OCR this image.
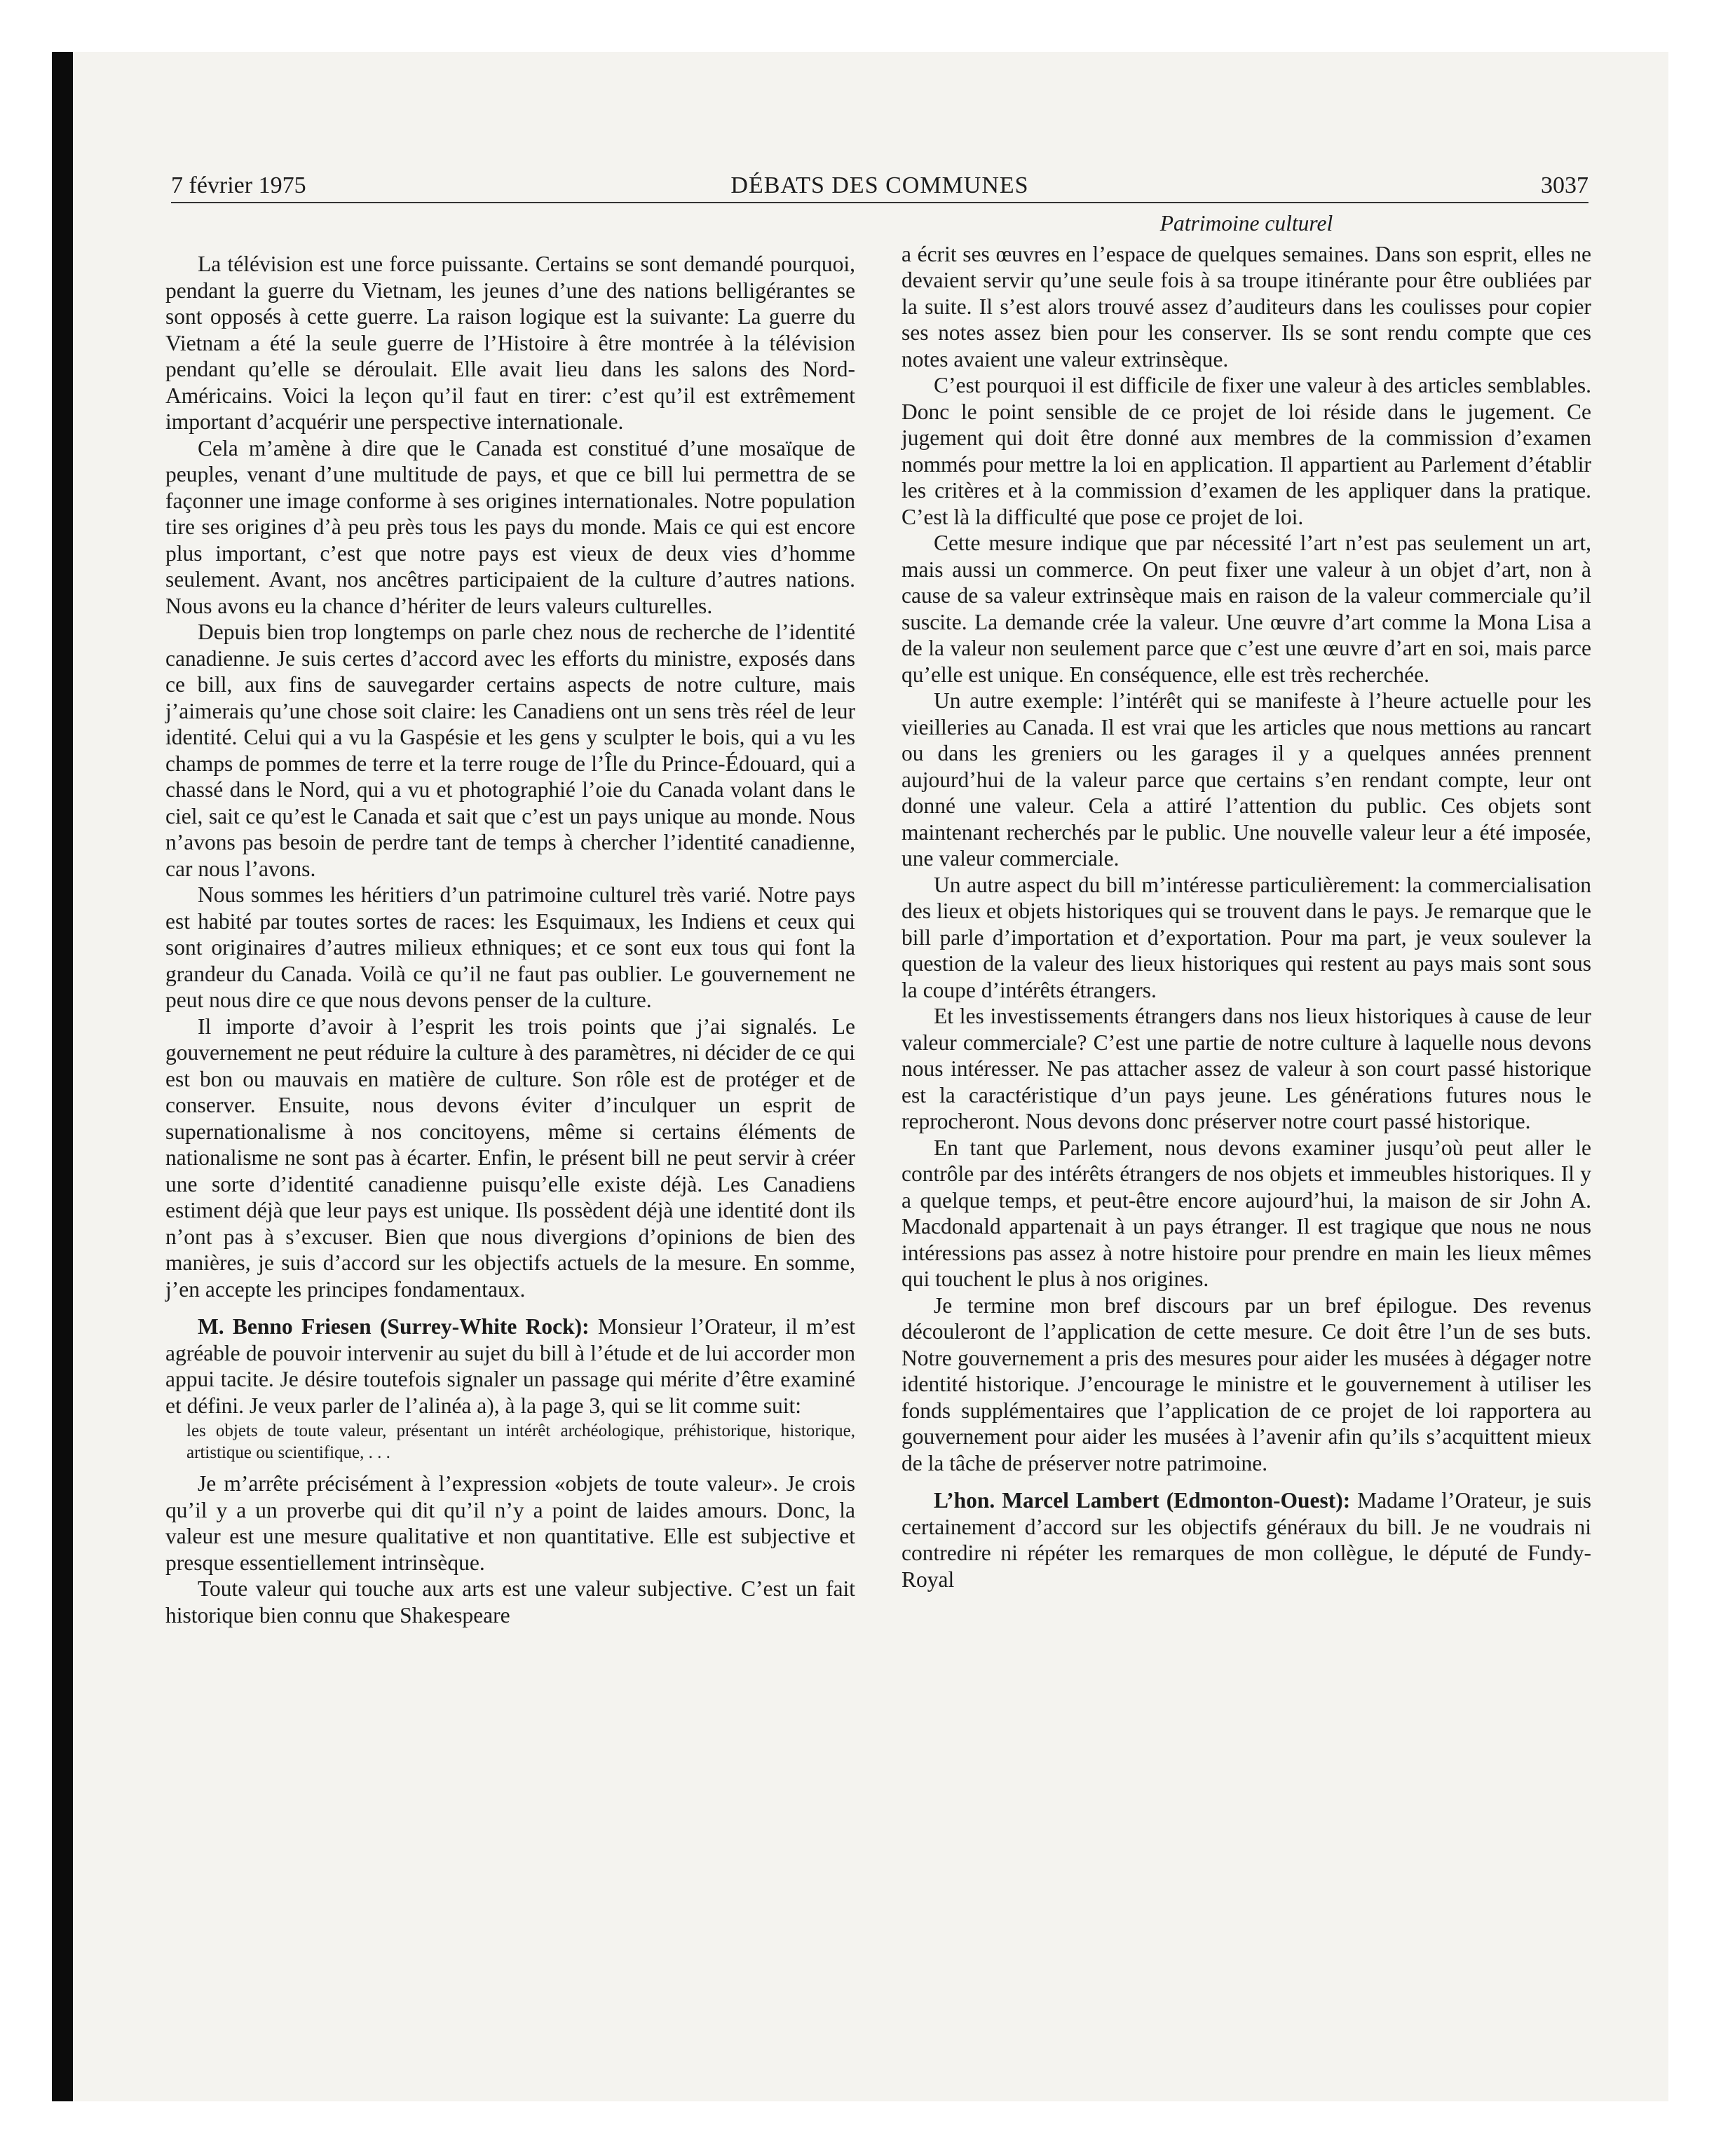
7 février 1975	DÉBATS DES COMMUNES	3037

La télévision est une force puissante. Certains se sont demandé pourquoi, pendant la guerre du Vietnam, les jeunes d’une des nations belligérantes se sont opposés à cette guerre. La raison logique est la suivante: La guerre du Vietnam a été la seule guerre de l’Histoire à être montrée à la télévision pendant qu’elle se déroulait. Elle avait lieu dans les salons des Nord-Américains. Voici la leçon qu’il faut en tirer: c’est qu’il est extrêmement important d’acquérir une perspective internationale.

Cela m’amène à dire que le Canada est constitué d’une mosaïque de peuples, venant d’une multitude de pays, et que ce bill lui permettra de se façonner une image conforme à ses origines internationales. Notre population tire ses origines d’à peu près tous les pays du monde. Mais ce qui est encore plus important, c’est que notre pays est vieux de deux vies d’homme seulement. Avant, nos ancêtres participaient de la culture d’autres nations. Nous avons eu la chance d’hériter de leurs valeurs culturelles.

Depuis bien trop longtemps on parle chez nous de recherche de l’identité canadienne. Je suis certes d’accord avec les efforts du ministre, exposés dans ce bill, aux fins de sauvegarder certains aspects de notre culture, mais j’aimerais qu’une chose soit claire: les Canadiens ont un sens très réel de leur identité. Celui qui a vu la Gaspésie et les gens y sculpter le bois, qui a vu les champs de pommes de terre et la terre rouge de l’Île du Prince-Édouard, qui a chassé dans le Nord, qui a vu et photographié l’oie du Canada volant dans le ciel, sait ce qu’est le Canada et sait que c’est un pays unique au monde. Nous n’avons pas besoin de perdre tant de temps à chercher l’identité canadienne, car nous l’avons.

Nous sommes les héritiers d’un patrimoine culturel très varié. Notre pays est habité par toutes sortes de races: les Esquimaux, les Indiens et ceux qui sont originaires d’autres milieux ethniques; et ce sont eux tous qui font la grandeur du Canada. Voilà ce qu’il ne faut pas oublier. Le gouvernement ne peut nous dire ce que nous devons penser de la culture.

Il importe d’avoir à l’esprit les trois points que j’ai signalés. Le gouvernement ne peut réduire la culture à des paramètres, ni décider de ce qui est bon ou mauvais en matière de culture. Son rôle est de protéger et de conserver. Ensuite, nous devons éviter d’inculquer un esprit de supernationalisme à nos concitoyens, même si certains éléments de nationalisme ne sont pas à écarter. Enfin, le présent bill ne peut servir à créer une sorte d’identité canadienne puisqu’elle existe déjà. Les Canadiens estiment déjà que leur pays est unique. Ils possèdent déjà une identité dont ils n’ont pas à s’excuser. Bien que nous divergions d’opinions de bien des manières, je suis d’accord sur les objectifs actuels de la mesure. En somme, j’en accepte les principes fondamentaux.

M. Benno Friesen (Surrey-White Rock): Monsieur l’Orateur, il m’est agréable de pouvoir intervenir au sujet du bill à l’étude et de lui accorder mon appui tacite. Je désire toutefois signaler un passage qui mérite d’être examiné et défini. Je veux parler de l’alinéa a), à la page 3, qui se lit comme suit:

les objets de toute valeur, présentant un intérêt archéologique, préhistorique, historique, artistique ou scientifique, . . .

Je m’arrête précisément à l’expression «objets de toute valeur». Je crois qu’il y a un proverbe qui dit qu’il n’y a point de laides amours. Donc, la valeur est une mesure qualitative et non quantitative. Elle est subjective et presque essentiellement intrinsèque.

Toute valeur qui touche aux arts est une valeur subjective. C’est un fait historique bien connu que Shakespeare

Patrimoine culturel

a écrit ses œuvres en l’espace de quelques semaines. Dans son esprit, elles ne devaient servir qu’une seule fois à sa troupe itinérante pour être oubliées par la suite. Il s’est alors trouvé assez d’auditeurs dans les coulisses pour copier ses notes assez bien pour les conserver. Ils se sont rendu compte que ces notes avaient une valeur extrinsèque.

C’est pourquoi il est difficile de fixer une valeur à des articles semblables. Donc le point sensible de ce projet de loi réside dans le jugement. Ce jugement qui doit être donné aux membres de la commission d’examen nommés pour mettre la loi en application. Il appartient au Parlement d’établir les critères et à la commission d’examen de les appliquer dans la pratique. C’est là la difficulté que pose ce projet de loi.

Cette mesure indique que par nécessité l’art n’est pas seulement un art, mais aussi un commerce. On peut fixer une valeur à un objet d’art, non à cause de sa valeur extrinsèque mais en raison de la valeur commerciale qu’il suscite. La demande crée la valeur. Une œuvre d’art comme la Mona Lisa a de la valeur non seulement parce que c’est une œuvre d’art en soi, mais parce qu’elle est unique. En conséquence, elle est très recherchée.

Un autre exemple: l’intérêt qui se manifeste à l’heure actuelle pour les vieilleries au Canada. Il est vrai que les articles que nous mettions au rancart ou dans les greniers ou les garages il y a quelques années prennent aujourd’hui de la valeur parce que certains s’en rendant compte, leur ont donné une valeur. Cela a attiré l’attention du public. Ces objets sont maintenant recherchés par le public. Une nouvelle valeur leur a été imposée, une valeur commerciale.

Un autre aspect du bill m’intéresse particulièrement: la commercialisation des lieux et objets historiques qui se trouvent dans le pays. Je remarque que le bill parle d’importation et d’exportation. Pour ma part, je veux soulever la question de la valeur des lieux historiques qui restent au pays mais sont sous la coupe d’intérêts étrangers.

Et les investissements étrangers dans nos lieux historiques à cause de leur valeur commerciale? C’est une partie de notre culture à laquelle nous devons nous intéresser. Ne pas attacher assez de valeur à son court passé historique est la caractéristique d’un pays jeune. Les générations futures nous le reprocheront. Nous devons donc préserver notre court passé historique.

En tant que Parlement, nous devons examiner jusqu’où peut aller le contrôle par des intérêts étrangers de nos objets et immeubles historiques. Il y a quelque temps, et peut-être encore aujourd’hui, la maison de sir John A. Macdonald appartenait à un pays étranger. Il est tragique que nous ne nous intéressions pas assez à notre histoire pour prendre en main les lieux mêmes qui touchent le plus à nos origines.

Je termine mon bref discours par un bref épilogue. Des revenus découleront de l’application de cette mesure. Ce doit être l’un de ses buts. Notre gouvernement a pris des mesures pour aider les musées à dégager notre identité historique. J’encourage le ministre et le gouvernement à utiliser les fonds supplémentaires que l’application de ce projet de loi rapportera au gouvernement pour aider les musées à l’avenir afin qu’ils s’acquittent mieux de la tâche de préserver notre patrimoine.

L’hon. Marcel Lambert (Edmonton-Ouest): Madame l’Orateur, je suis certainement d’accord sur les objectifs généraux du bill. Je ne voudrais ni contredire ni répéter les remarques de mon collègue, le député de Fundy-Royal
